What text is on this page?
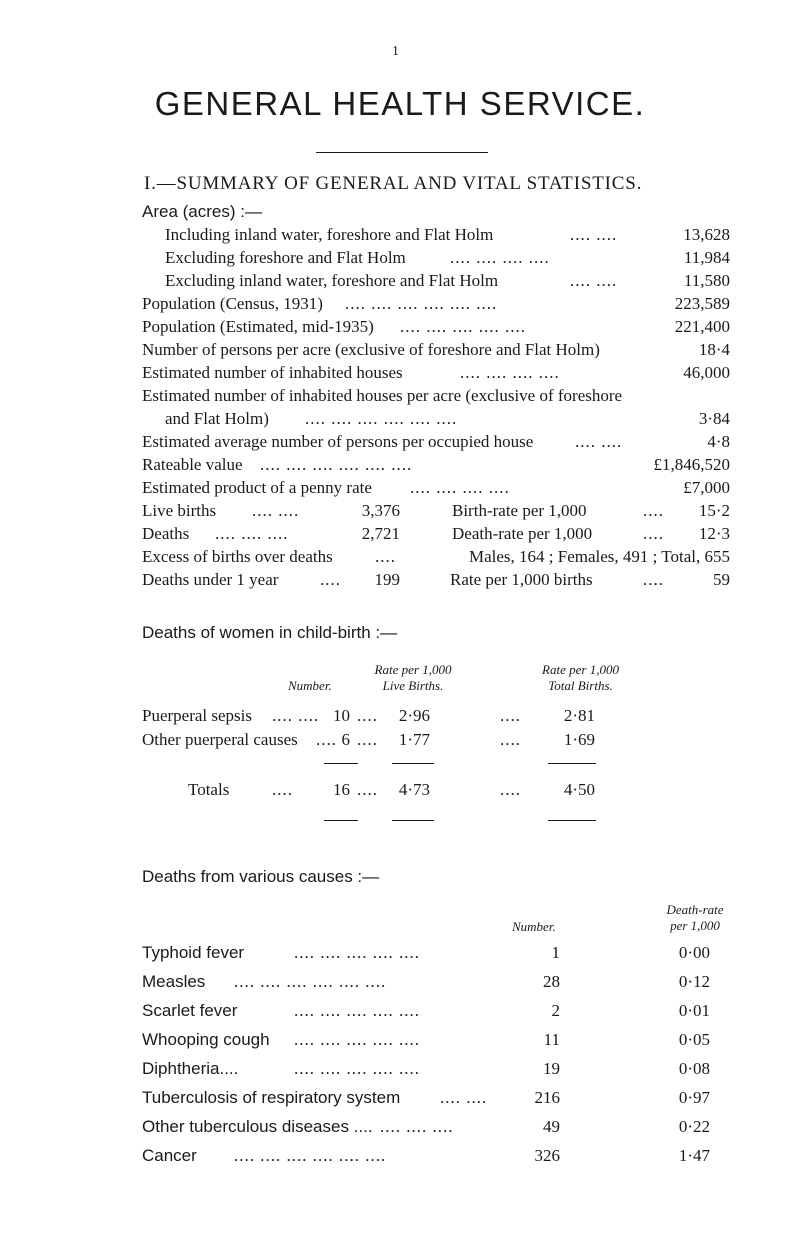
1
GENERAL HEALTH SERVICE.
I.—SUMMARY OF GENERAL AND VITAL STATISTICS.
Area (acres) :—
Including inland water, foreshore and Flat Holm	.... ....	13,628
Excluding foreshore and Flat Holm	.... .... .... ....	11,984
Excluding inland water, foreshore and Flat Holm	.... ....	11,580
Population (Census, 1931) .... .... .... .... .... ....	223,589
Population (Estimated, mid-1935) .... .... .... .... ....	221,400
Number of persons per acre (exclusive of foreshore and Flat Holm)	18·4
Estimated number of inhabited houses	.... .... .... ....	46,000
Estimated number of inhabited houses per acre (exclusive of foreshore
and Flat Holm) .... .... .... .... .... ....	3·84
Estimated average number of persons per occupied house .... ....	4·8
Rateable value .... .... .... .... .... ....	£1,846,520
Estimated product of a penny rate .... .... .... ....	£7,000
Live births .... ....	3,376	Birth-rate per 1,000	....	15·2
Deaths .... .... ....	2,721	Death-rate per 1,000	....	12·3
Excess of births over deaths ....	Males, 164 ; Females, 491 ; Total, 655
Deaths under 1 year ....	199	Rate per 1,000 births	....	59
Deaths of women in child-birth :—
Rate per 1,000
Live Births.
Rate per 1,000
Total Births.
Number.
Puerperal sepsis .... .... 10 ....	2·96	....	2·81
Other puerperal causes .... 6 ....	1·77	....	1·69
Totals	....	16 ....	4·73	....	4·50
Deaths from various causes :—
Death-rate
per 1,000
Number.
Typhoid fever	.... .... .... .... ....	1	0·00
Measles .... .... .... .... .... ....	28	0·12
Scarlet fever	.... .... .... .... ....	2	0·01
Whooping cough .... .... .... .... ....	11	0·05
Diphtheria....	.... .... .... .... ....	19	0·08
Tuberculosis of respiratory system .... ....	216	0·97
Other tuberculous diseases .... .... .... ....	49	0·22
Cancer .... .... .... .... .... ....	326	1·47
